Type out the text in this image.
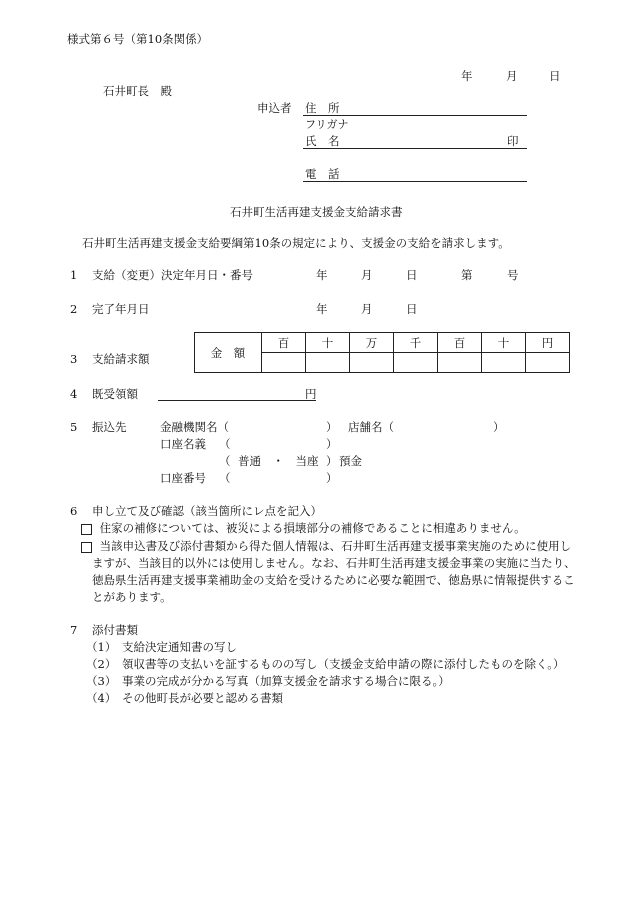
様式第６号（第10条関係）
年	月	日
石井町長　殿
申込者 住　所
フリガナ
氏　名	印
電　話
石井町生活再建支援金支給請求書
石井町生活再建支援金支給要綱第10条の規定により、支援金の支給を請求します。
1 支給（変更）決定年月日・番号	年	月	日	第	号
2 完了年月日	年	月	日
3 支給請求額	金　額	百	十	万	千	百	十	円

4 既受領額	円
5 振込先	金融機関名（	） 店舗名（	）
口座名義 （	）
（ 普通　・　当座 ） 預金
口座番号 （	）
6 申し立て及び確認（該当箇所にレ点を記入）
住家の補修については、被災による損壊部分の補修であることに相違ありません。
当該申込書及び添付書類から得た個人情報は、石井町生活再建支援事業実施のために使用し
ますが、当該目的以外には使用しません。なお、石井町生活再建支援金事業の実施に当たり、
徳島県生活再建支援事業補助金の支給を受けるために必要な範囲で、徳島県に情報提供するこ
とがあります。
7 添付書類
（1） 支給決定通知書の写し
（2） 領収書等の支払いを証するものの写し（支援金支給申請の際に添付したものを除く。）
（3） 事業の完成が分かる写真（加算支援金を請求する場合に限る。）
（4） その他町長が必要と認める書類
